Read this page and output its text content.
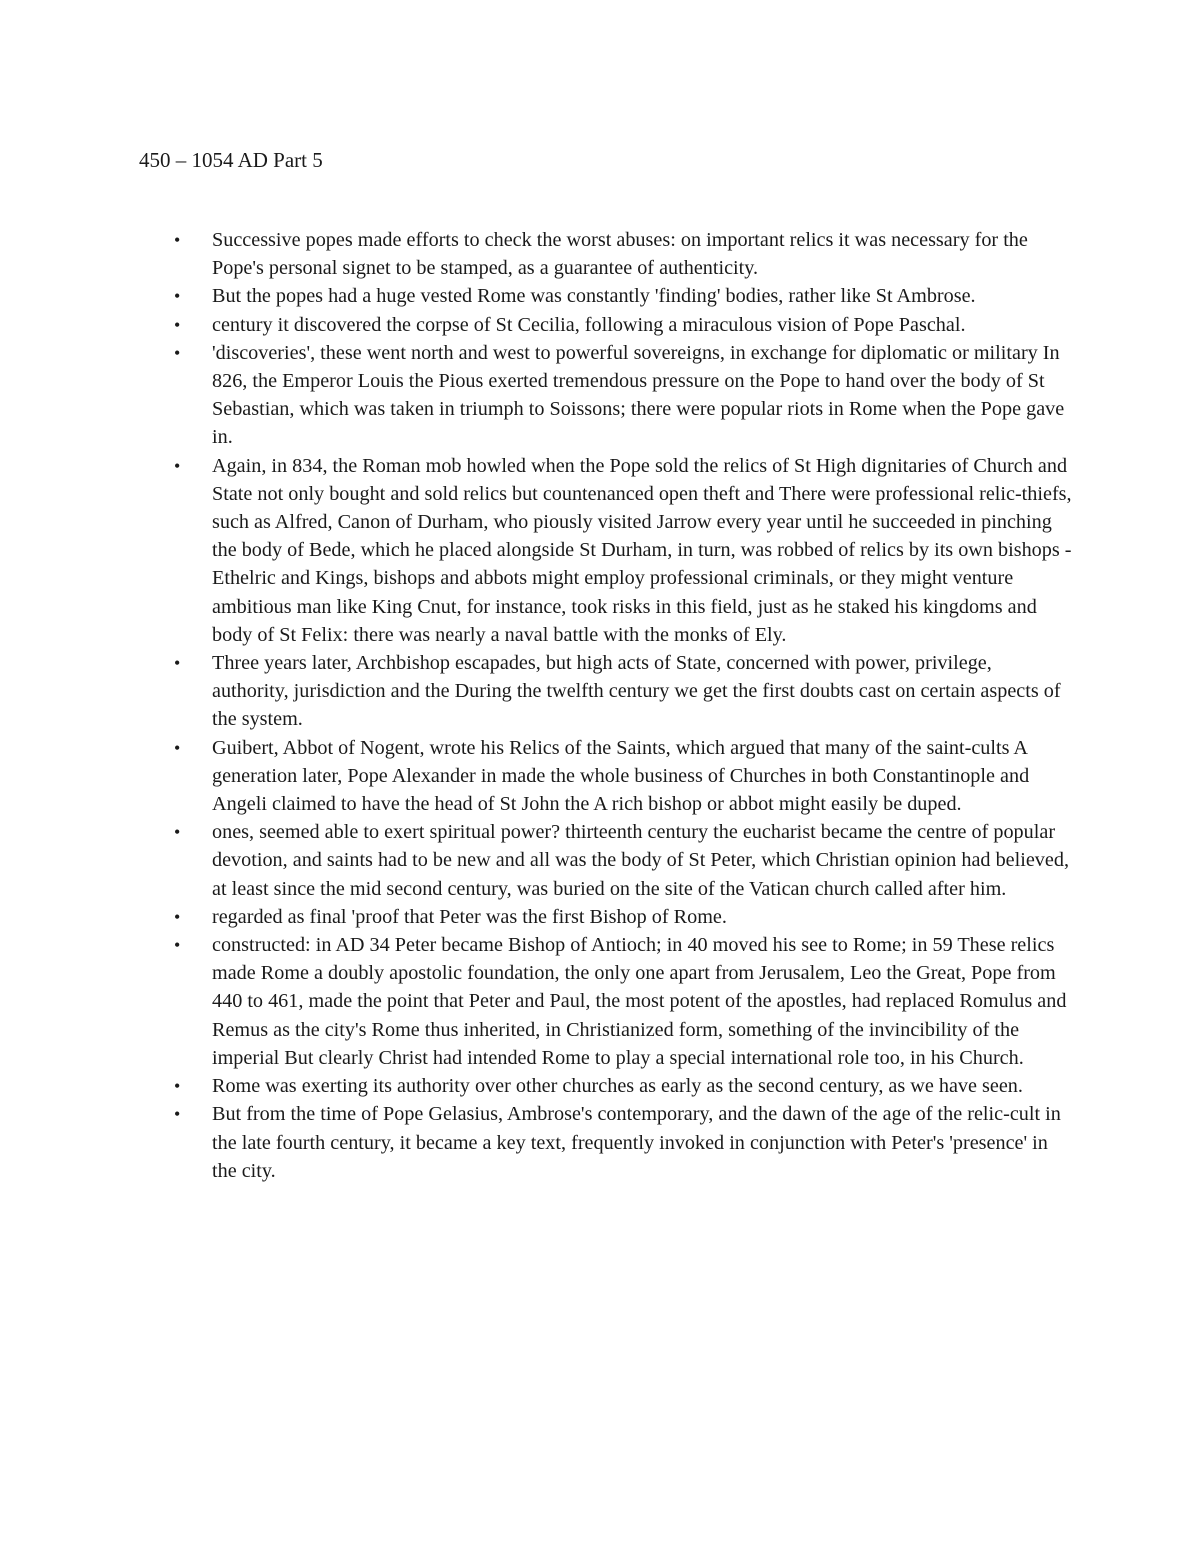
450 – 1054 AD Part 5
• Successive popes made efforts to check the worst abuses: on important relics it was necessary for the Pope's personal signet to be stamped, as a guarantee of authenticity.
• But the popes had a huge vested Rome was constantly 'finding' bodies, rather like St Ambrose.
• century it discovered the corpse of St Cecilia, following a miraculous vision of Pope Paschal.
• 'discoveries', these went north and west to powerful sovereigns, in exchange for diplomatic or military In 826, the Emperor Louis the Pious exerted tremendous pressure on the Pope to hand over the body of St Sebastian, which was taken in triumph to Soissons; there were popular riots in Rome when the Pope gave in.
• Again, in 834, the Roman mob howled when the Pope sold the relics of St High dignitaries of Church and State not only bought and sold relics but countenanced open theft and There were professional relic-thiefs, such as Alfred, Canon of Durham, who piously visited Jarrow every year until he succeeded in pinching the body of Bede, which he placed alongside St Durham, in turn, was robbed of relics by its own bishops - Ethelric and Kings, bishops and abbots might employ professional criminals, or they might venture ambitious man like King Cnut, for instance, took risks in this field, just as he staked his kingdoms and body of St Felix: there was nearly a naval battle with the monks of Ely.
• Three years later, Archbishop escapades, but high acts of State, concerned with power, privilege, authority, jurisdiction and the During the twelfth century we get the first doubts cast on certain aspects of the system.
• Guibert, Abbot of Nogent, wrote his Relics of the Saints, which argued that many of the saint-cults A generation later, Pope Alexander in made the whole business of Churches in both Constantinople and Angeli claimed to have the head of St John the A rich bishop or abbot might easily be duped.
• ones, seemed able to exert spiritual power? thirteenth century the eucharist became the centre of popular devotion, and saints had to be new and all was the body of St Peter, which Christian opinion had believed, at least since the mid second century, was buried on the site of the Vatican church called after him.
• regarded as final 'proof that Peter was the first Bishop of Rome.
• constructed: in AD 34 Peter became Bishop of Antioch; in 40 moved his see to Rome; in 59 These relics made Rome a doubly apostolic foundation, the only one apart from Jerusalem, Leo the Great, Pope from 440 to 461, made the point that Peter and Paul, the most potent of the apostles, had replaced Romulus and Remus as the city's Rome thus inherited, in Christianized form, something of the invincibility of the imperial But clearly Christ had intended Rome to play a special international role too, in his Church.
• Rome was exerting its authority over other churches as early as the second century, as we have seen.
• But from the time of Pope Gelasius, Ambrose's contemporary, and the dawn of the age of the relic-cult in the late fourth century, it became a key text, frequently invoked in conjunction with Peter's 'presence' in the city.
